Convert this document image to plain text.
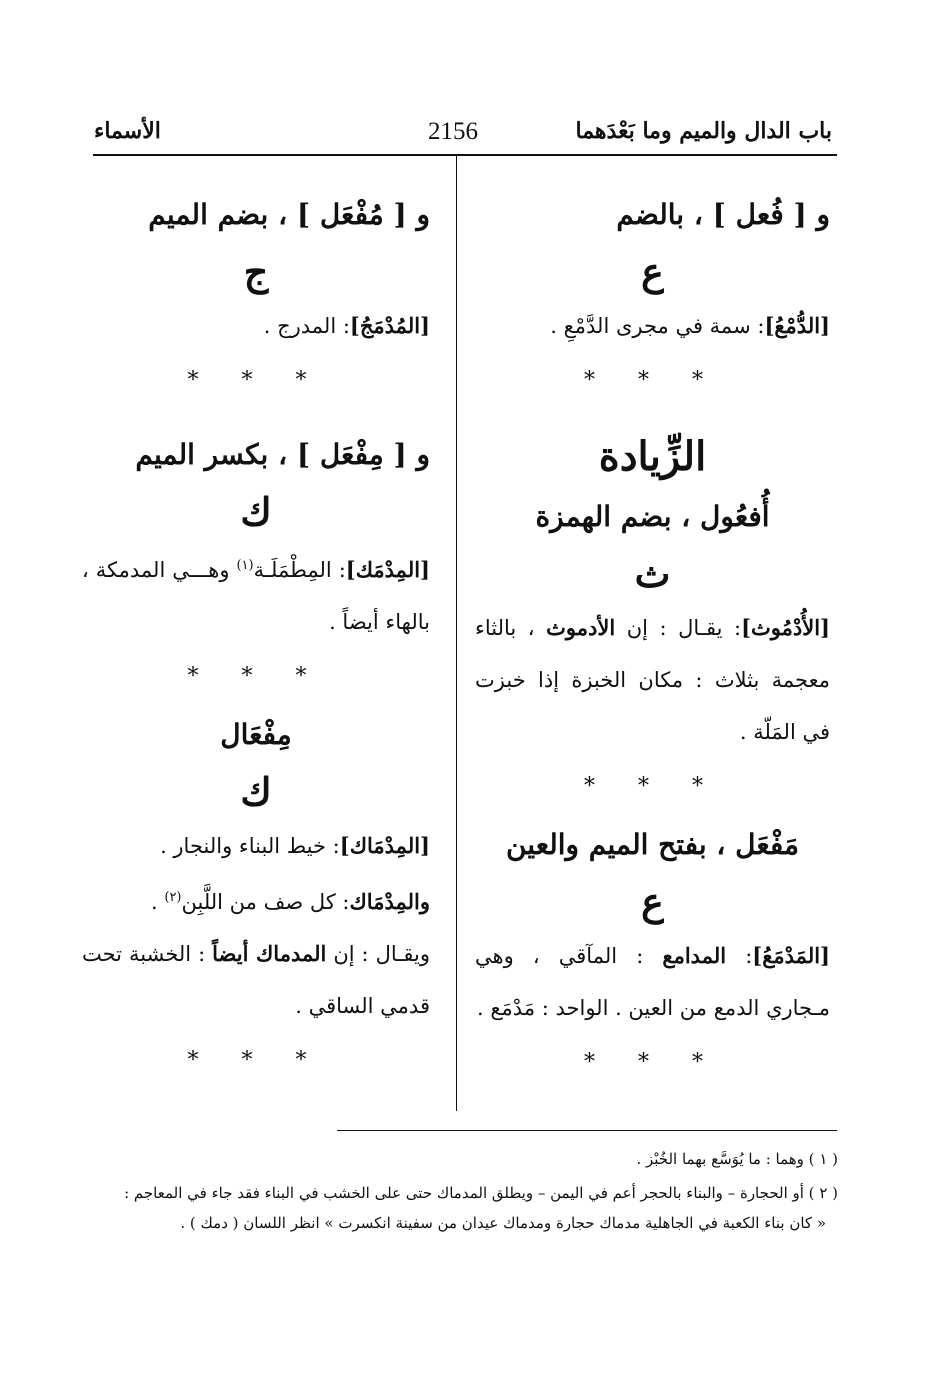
باب الدال والميم وما بَعْدَهما
2156
الأسماء
و [ فُعل ] ، بالضم
ع
[الدُّمْعُ]: سمة في مجرى الدَّمْعِ .
* * *
الزِّيادة
أُفعُول ، بضم الهمزة
ث
[الأُدْمُوث]: يقـال : إن الأدموث ، بالثاء معجمة بثلاث : مكان الخبزة إذا خبزت في المَلّة .
* * *
مَفْعَل ، بفتح الميم والعين
ع
[المَدْمَعُ]: المدامع : المآقي ، وهي مـجاري الدمع من العين . الواحد : مَدْمَع .
* * *
و [ مُفْعَل ] ، بضم الميم
ج
[المُدْمَجُ]: المدرج .
* * *
و [ مِفْعَل ] ، بكسر الميم
ك
[المِدْمَك]: المِطْمَلَـة$^{(١)}$ وهـــي المدمكة ، بالهاء أيضاً .
* * *
مِفْعَال
ك
[المِدْمَاك]: خيط البناء والنجار .
والمِدْمَاك: كل صف من اللَّبِن$^{(٢)}$ .
ويقـال : إن المدماك أيضاً : الخشبة تحت قدمي الساقي .
* * *
( ١ ) وهما : ما يُوَسَّع بهما الخُبْز .
( ٢ ) أو الحجارة – والبناء بالحجر أعم في اليمن – ويطلق المدماك حتى على الخشب في البناء فقد جاء في المعاجم :
« كان بناء الكعبة في الجاهلية مدماك حجارة ومدماك عيدان من سفينة انكسرت » انظر اللسان ( دمك ) .
